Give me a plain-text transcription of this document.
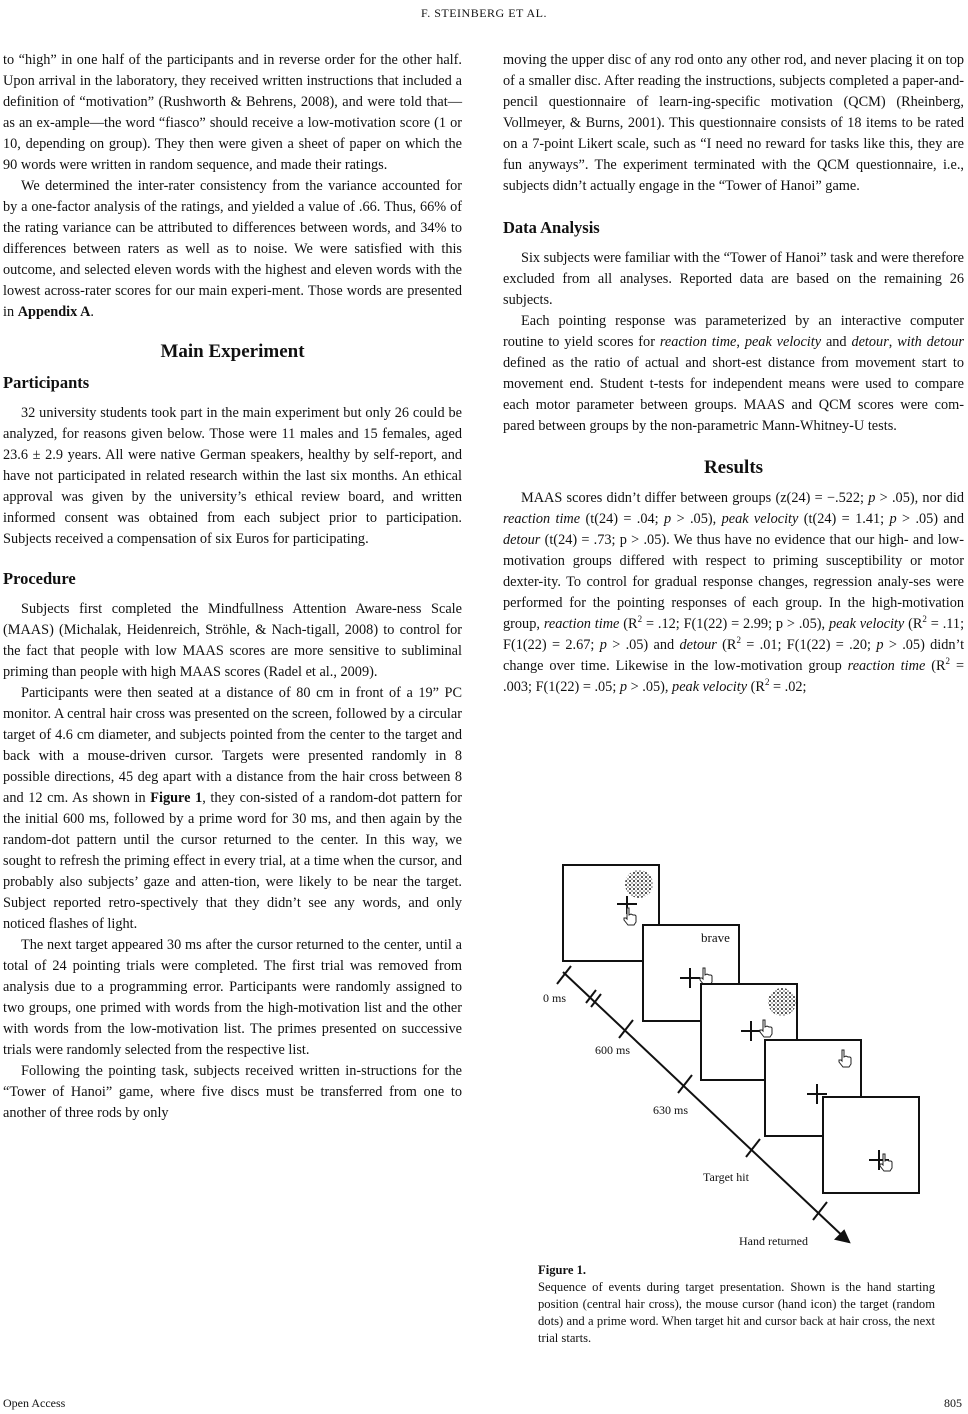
F. STEINBERG ET AL.

to “high” in one half of the participants and in reverse order for the other half. Upon arrival in the laboratory, they received written instructions that included a definition of “motivation” (Rushworth & Behrens, 2008), and were told that—as an ex-ample—the word “fiasco” should receive a low-motivation score (1 or 10, depending on group). They then were given a sheet of paper on which the 90 words were written in random sequence, and made their ratings.

We determined the inter-rater consistency from the variance accounted for by a one-factor analysis of the ratings, and yielded a value of .66. Thus, 66% of the rating variance can be attributed to differences between words, and 34% to differences between raters as well as to noise. We were satisfied with this outcome, and selected eleven words with the highest and eleven words with the lowest across-rater scores for our main experi-ment. Those words are presented in Appendix A.

Main Experiment
Participants

32 university students took part in the main experiment but only 26 could be analyzed, for reasons given below. Those were 11 males and 15 females, aged 23.6 ± 2.9 years. All were native German speakers, healthy by self-report, and have not participated in related research within the last six months. An ethical approval was given by the university’s ethical review board, and written informed consent was obtained from each subject prior to participation. Subjects received a compensation of six Euros for participating.

Procedure

Subjects first completed the Mindfullness Attention Aware-ness Scale (MAAS) (Michalak, Heidenreich, Ströhle, & Nach-tigall, 2008) to control for the fact that people with low MAAS scores are more sensitive to subliminal priming than people with high MAAS scores (Radel et al., 2009).

Participants were then seated at a distance of 80 cm in front of a 19” PC monitor. A central hair cross was presented on the screen, followed by a circular target of 4.6 cm diameter, and subjects pointed from the center to the target and back with a mouse-driven cursor. Targets were presented randomly in 8 possible directions, 45 deg apart with a distance from the hair cross between 8 and 12 cm. As shown in Figure 1, they con-sisted of a random-dot pattern for the initial 600 ms, followed by a prime word for 30 ms, and then again by the random-dot pattern until the cursor returned to the center. In this way, we sought to refresh the priming effect in every trial, at a time when the cursor, and probably also subjects’ gaze and atten-tion, were likely to be near the target. Subject reported retro-spectively that they didn’t see any words, and only noticed flashes of light.

The next target appeared 30 ms after the cursor returned to the center, until a total of 24 pointing trials were completed. The first trial was removed from analysis due to a programming error. Participants were randomly assigned to two groups, one primed with words from the high-motivation list and the other with words from the low-motivation list. The primes presented on successive trials were randomly selected from the respective list.

Following the pointing task, subjects received written in-structions for the “Tower of Hanoi” game, where five discs must be transferred from one to another of three rods by only

moving the upper disc of any rod onto any other rod, and never placing it on top of a smaller disc. After reading the instructions, subjects completed a paper-and-pencil questionnaire of learn-ing-specific motivation (QCM) (Rheinberg, Vollmeyer, & Burns, 2001). This questionnaire consists of 18 items to be rated on a 7-point Likert scale, such as “I need no reward for tasks like this, they are fun anyways”. The experiment terminated with the QCM questionnaire, i.e., subjects didn’t actually engage in the “Tower of Hanoi” game.

Data Analysis

Six subjects were familiar with the “Tower of Hanoi” task and were therefore excluded from all analyses. Reported data are based on the remaining 26 subjects.

Each pointing response was parameterized by an interactive computer routine to yield scores for reaction time, peak velocity and detour, with detour defined as the ratio of actual and short-est distance from movement start to movement end. Student t-tests for independent means were used to compare each motor parameter between groups. MAAS and QCM scores were com-pared between groups by the non-parametric Mann-Whitney-U tests.

Results

MAAS scores didn’t differ between groups (z(24) = −.522; p > .05), nor did reaction time (t(24) = .04; p > .05), peak velocity (t(24) = 1.41; p > .05) and detour (t(24) = .73; p > .05). We thus have no evidence that our high- and low-motivation groups differed with respect to priming susceptibility or motor dexter-ity. To control for gradual response changes, regression analy-ses were performed for the pointing responses of each group. In the high-motivation group, reaction time ($R^2 = .12$; F(1(22) = 2.99; p > .05), peak velocity ($R^2 = .11$; F(1(22) = 2.67; p > .05) and detour ($R^2 = .01$; F(1(22) = .20; p > .05) didn’t change over time. Likewise in the low-motivation group reaction time ($R^2 = .003$; F(1(22) = .05; p > .05), peak velocity ($R^2 = .02$;

brave
0 ms
600 ms
630 ms
Target hit
Hand returned

Figure 1.

Sequence of events during target presentation. Shown is the hand starting position (central hair cross), the mouse cursor (hand icon) the target (random dots) and a prime word. When target hit and cursor back at hair cross, the next trial starts.

Open Access	805
